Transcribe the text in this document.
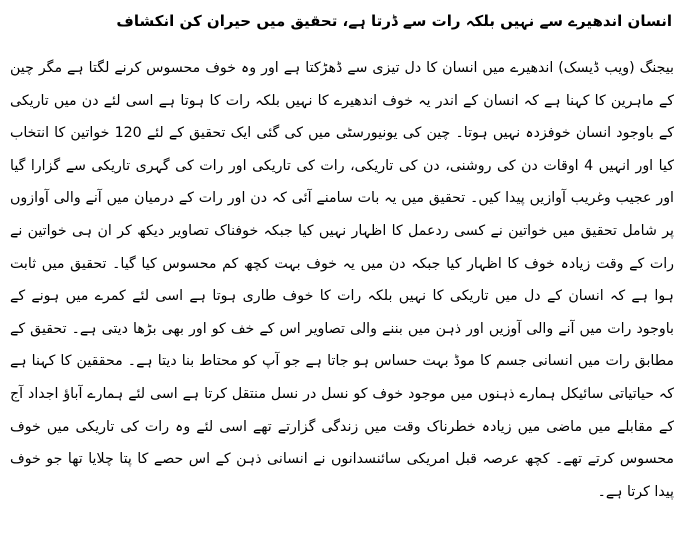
انسان اندھیرے سے نہیں بلکہ رات سے ڈرتا ہے، تحقیق میں حیران کن انکشاف

بیجنگ (ویب ڈیسک) اندھیرے میں انسان کا دل تیزی سے ڈھڑکتا ہے اور وہ خوف محسوس کرنے لگتا ہے مگر چین کے ماہرین کا کہنا ہے کہ انسان کے اندر یہ خوف اندھیرے کا نہیں بلکہ رات کا ہوتا ہے اسی لئے دن میں تاریکی کے باوجود انسان خوفزدہ نہیں ہوتا۔ چین کی یونیورسٹی میں کی گئی ایک تحقیق کے لئے 120 خواتین کا انتخاب کیا اور انہیں 4 اوقات دن کی روشنی، دن کی تاریکی، رات کی تاریکی اور رات کی گہری تاریکی سے گزارا گیا اور عجیب وغریب آوازیں پیدا کیں۔ تحقیق میں یہ بات سامنے آئی کہ دن اور رات کے درمیان میں آنے والی آوازوں پر شامل تحقیق میں خواتین نے کسی ردعمل کا اظہار نہیں کیا جبکہ خوفناک تصاویر دیکھ کر ان ہی خواتین نے رات کے وقت زیادہ خوف کا اظہار کیا جبکہ دن میں یہ خوف بہت کچھ کم محسوس کیا گیا۔ تحقیق میں ثابت ہوا ہے کہ انسان کے دل میں تاریکی کا نہیں بلکہ رات کا خوف طاری ہوتا ہے اسی لئے کمرے میں ہونے کے باوجود رات میں آنے والی آوزیں اور ذہن میں بننے والی تصاویر اس کے خف کو اور بھی بڑھا دیتی ہے۔ تحقیق کے مطابق رات میں انسانی جسم کا موڈ بہت حساس ہو جاتا ہے جو آپ کو محتاط بنا دیتا ہے۔ محققین کا کہنا ہے کہ حیاتیاتی سائیکل ہمارے ذہنوں میں موجود خوف کو نسل در نسل منتقل کرتا ہے اسی لئے ہمارے آباؤ اجداد آج کے مقابلے میں ماضی میں زیادہ خطرناک وقت میں زندگی گزارتے تھے اسی لئے وہ رات کی تاریکی میں خوف محسوس کرتے تھے۔ کچھ عرصہ قبل امریکی سائنسدانوں نے انسانی ذہن کے اس حصے کا پتا چلایا تھا جو خوف پیدا کرتا ہے۔
